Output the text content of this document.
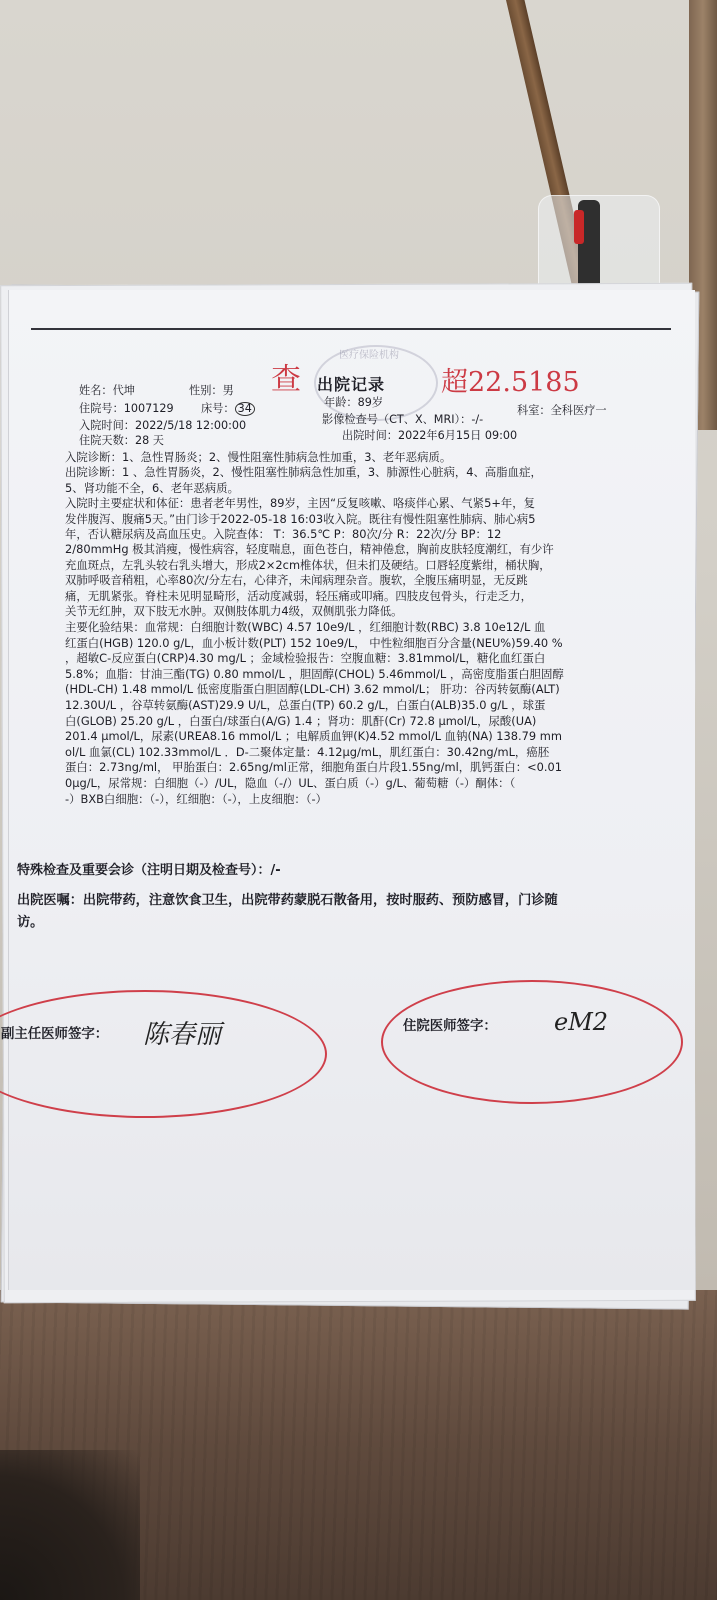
医疗保险机构
查 出院记录 超22.5185
姓名：代坤	性别：男
年龄：89岁
住院号：1007129 床号： 34	科室：全科医疗一
影像检查号（CT、X、MRI）：-/-
入院时间：2022/5/18 12:00:00
出院时间：2022年6月15日 09:00
住院天数：28 天
入院诊断：1、急性胃肠炎；2、慢性阻塞性肺病急性加重，3、老年恶病质。
出院诊断：1 、急性胃肠炎，2、慢性阻塞性肺病急性加重，3、肺源性心脏病，4、高脂血症，
5、肾功能不全，6、老年恶病质。
入院时主要症状和体征：患者老年男性，89岁，主因“反复咳嗽、咯痰伴心累、气紧5+年，复
发伴腹泻、腹痛5天。”由门诊于2022-05-18 16:03收入院。既往有慢性阻塞性肺病、肺心病5
年，否认糖尿病及高血压史。入院查体： T：36.5℃ P：80次/分 R：22次/分 BP：12
2/80mmHg 极其消瘦，慢性病容，轻度喘息，面色苍白，精神倦怠，胸前皮肤轻度潮红，有少许
充血斑点，左乳头较右乳头增大，形成2×2cm椎体状，但未扪及硬结。口唇轻度紫绀，桶状胸，
双肺呼吸音稍粗，心率80次/分左右，心律齐，未闻病理杂音。腹软，全腹压痛明显，无反跳
痛，无肌紧张。脊柱未见明显畸形，活动度减弱，轻压痛或叩痛。四肢皮包骨头，行走乏力，
关节无红肿，双下肢无水肿。双侧肢体肌力4级，双侧肌张力降低。
主要化验结果：血常规：白细胞计数(WBC) 4.57 10e9/L ，红细胞计数(RBC) 3.8 10e12/L 血
红蛋白(HGB) 120.0 g/L，血小板计数(PLT) 152 10e9/L， 中性粒细胞百分含量(NEU%)59.40 %
，超敏C-反应蛋白(CRP)4.30 mg/L ；金域检验报告：空腹血糖：3.81mmol/L，糖化血红蛋白
5.8%；血脂：甘油三酯(TG) 0.80 mmol/L ，胆固醇(CHOL) 5.46mmol/L ，高密度脂蛋白胆固醇
(HDL-CH) 1.48 mmol/L 低密度脂蛋白胆固醇(LDL-CH) 3.62 mmol/L； 肝功：谷丙转氨酶(ALT)
12.30U/L ，谷草转氨酶(AST)29.9 U/L，总蛋白(TP) 60.2 g/L，白蛋白(ALB)35.0 g/L ，球蛋
白(GLOB) 25.20 g/L ，白蛋白/球蛋白(A/G) 1.4 ；肾功：肌酐(Cr) 72.8 μmol/L，尿酸(UA)
201.4 μmol/L，尿素(UREA8.16 mmol/L ；电解质血钾(K)4.52 mmol/L 血钠(NA) 138.79 mm
ol/L 血氯(CL) 102.33mmol/L ．D-二聚体定量：4.12μg/mL，肌红蛋白：30.42ng/mL，癌胚
蛋白：2.73ng/ml， 甲胎蛋白：2.65ng/ml正常，细胞角蛋白片段1.55ng/ml，肌钙蛋白：<0.01
0μg/L，尿常规：白细胞（-）/UL，隐血（-/）UL、蛋白质（-）g/L、葡萄糖（-）酮体：（
-）BXB白细胞：（-），红细胞：（-），上皮细胞：（-）
特殊检查及重要会诊（注明日期及检查号）：/-
出院医嘱：出院带药，注意饮食卫生，出院带药蒙脱石散备用，按时服药、预防感冒，门诊随
访。
副主任医师签字： 陈春丽	住院医师签字： eM2
